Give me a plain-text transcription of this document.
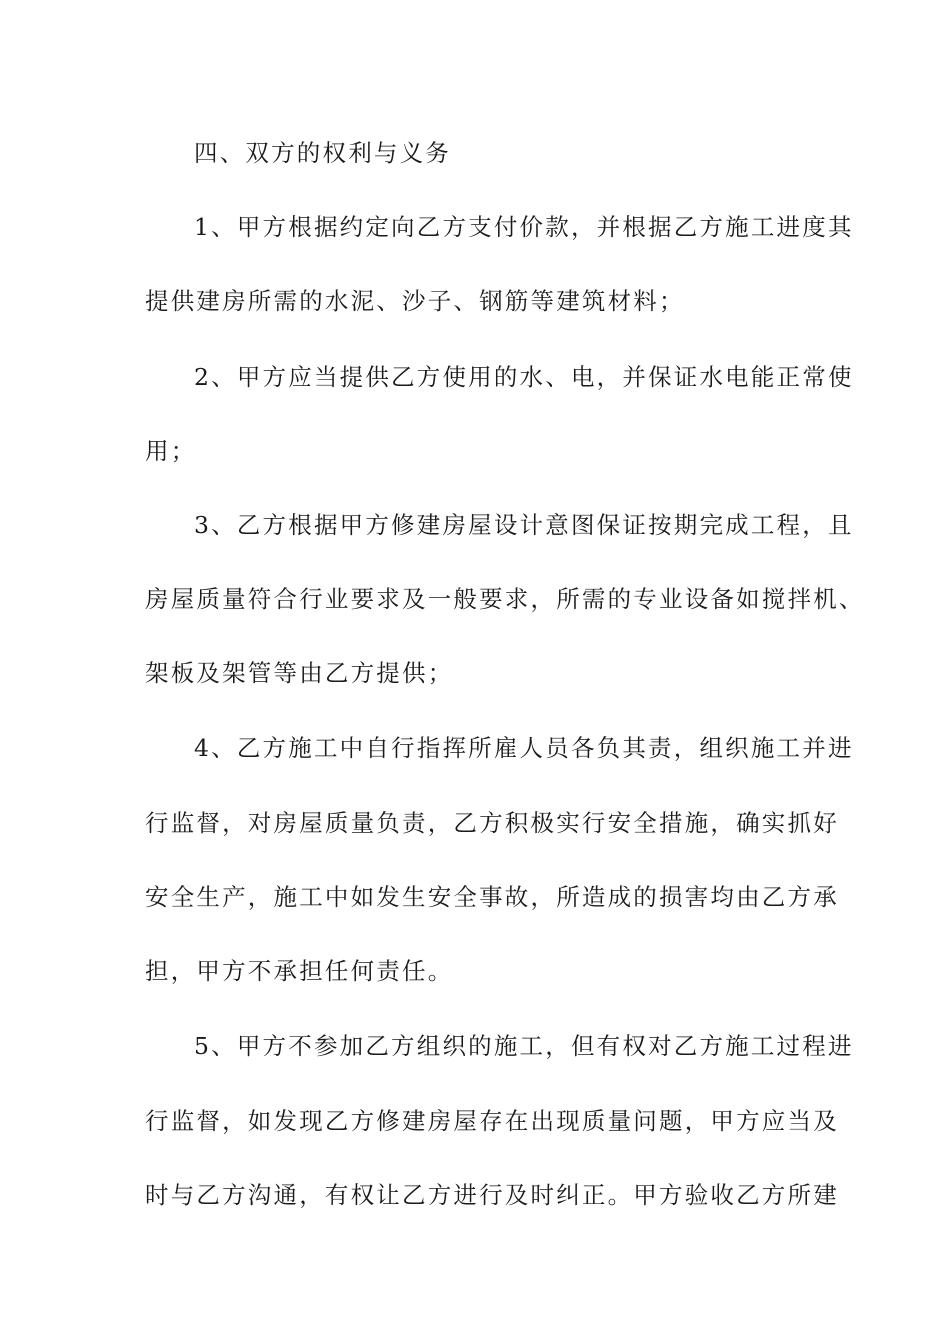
四、双方的权利与义务

1、甲方根据约定向乙方支付价款，并根据乙方施工进度其

提供建房所需的水泥、沙子、钢筋等建筑材料；

2、甲方应当提供乙方使用的水、电，并保证水电能正常使

用；

3、乙方根据甲方修建房屋设计意图保证按期完成工程，且

房屋质量符合行业要求及一般要求，所需的专业设备如搅拌机、

架板及架管等由乙方提供；

4、乙方施工中自行指挥所雇人员各负其责，组织施工并进

行监督，对房屋质量负责，乙方积极实行安全措施，确实抓好

安全生产，施工中如发生安全事故，所造成的损害均由乙方承

担，甲方不承担任何责任。

5、甲方不参加乙方组织的施工，但有权对乙方施工过程进

行监督，如发现乙方修建房屋存在出现质量问题，甲方应当及

时与乙方沟通，有权让乙方进行及时纠正。甲方验收乙方所建
